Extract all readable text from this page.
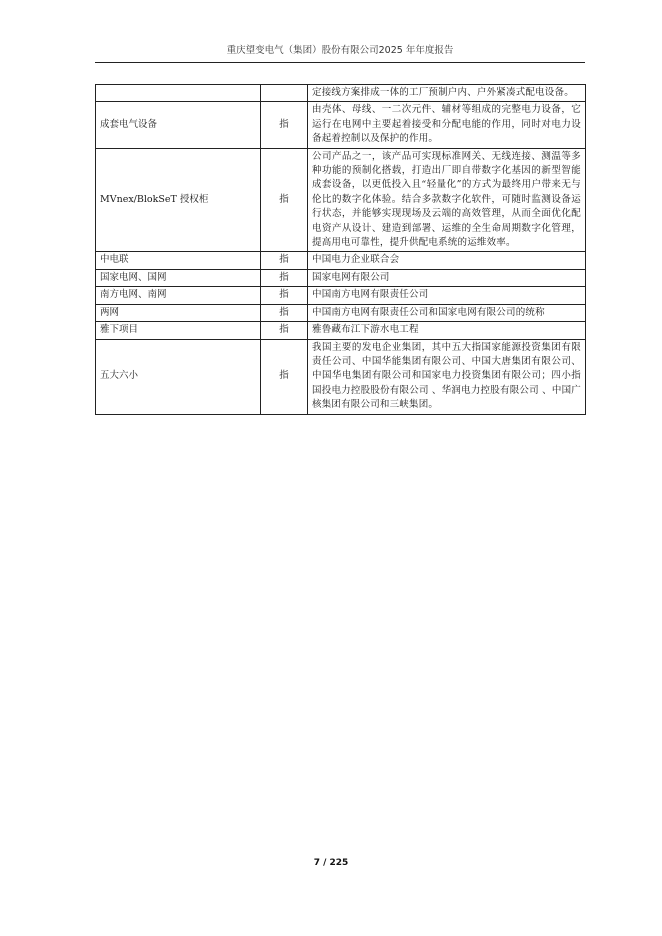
重庆望变电气（集团）股份有限公司2025 年年度报告
		定接线方案排成一体的工厂预制户内、户外紧凑式配电设备。
成套电气设备	指	由壳体、母线、一二次元件、辅材等组成的完整电力设备，它运行在电网中主要起着接受和分配电能的作用，同时对电力设备起着控制以及保护的作用。
MVnex/BlokSeT 授权柜	指	公司产品之一，该产品可实现标准网关、无线连接、测温等多种功能的预制化搭载，打造出厂即自带数字化基因的新型智能成套设备，以更低投入且“轻量化”的方式为最终用户带来无与伦比的数字化体验。结合多款数字化软件，可随时监测设备运行状态，并能够实现现场及云端的高效管理，从而全面优化配电资产从设计、建造到部署、运维的全生命周期数字化管理，提高用电可靠性，提升供配电系统的运维效率。
中电联	指	中国电力企业联合会
国家电网、国网	指	国家电网有限公司
南方电网、南网	指	中国南方电网有限责任公司
两网	指	中国南方电网有限责任公司和国家电网有限公司的统称
雅下项目	指	雅鲁藏布江下游水电工程
五大六小	指	我国主要的发电企业集团，其中五大指国家能源投资集团有限责任公司、中国华能集团有限公司、中国大唐集团有限公司、中国华电集团有限公司和国家电力投资集团有限公司；四小指国投电力控股股份有限公司 、华润电力控股有限公司 、中国广核集团有限公司和三峡集团。
7 / 225
